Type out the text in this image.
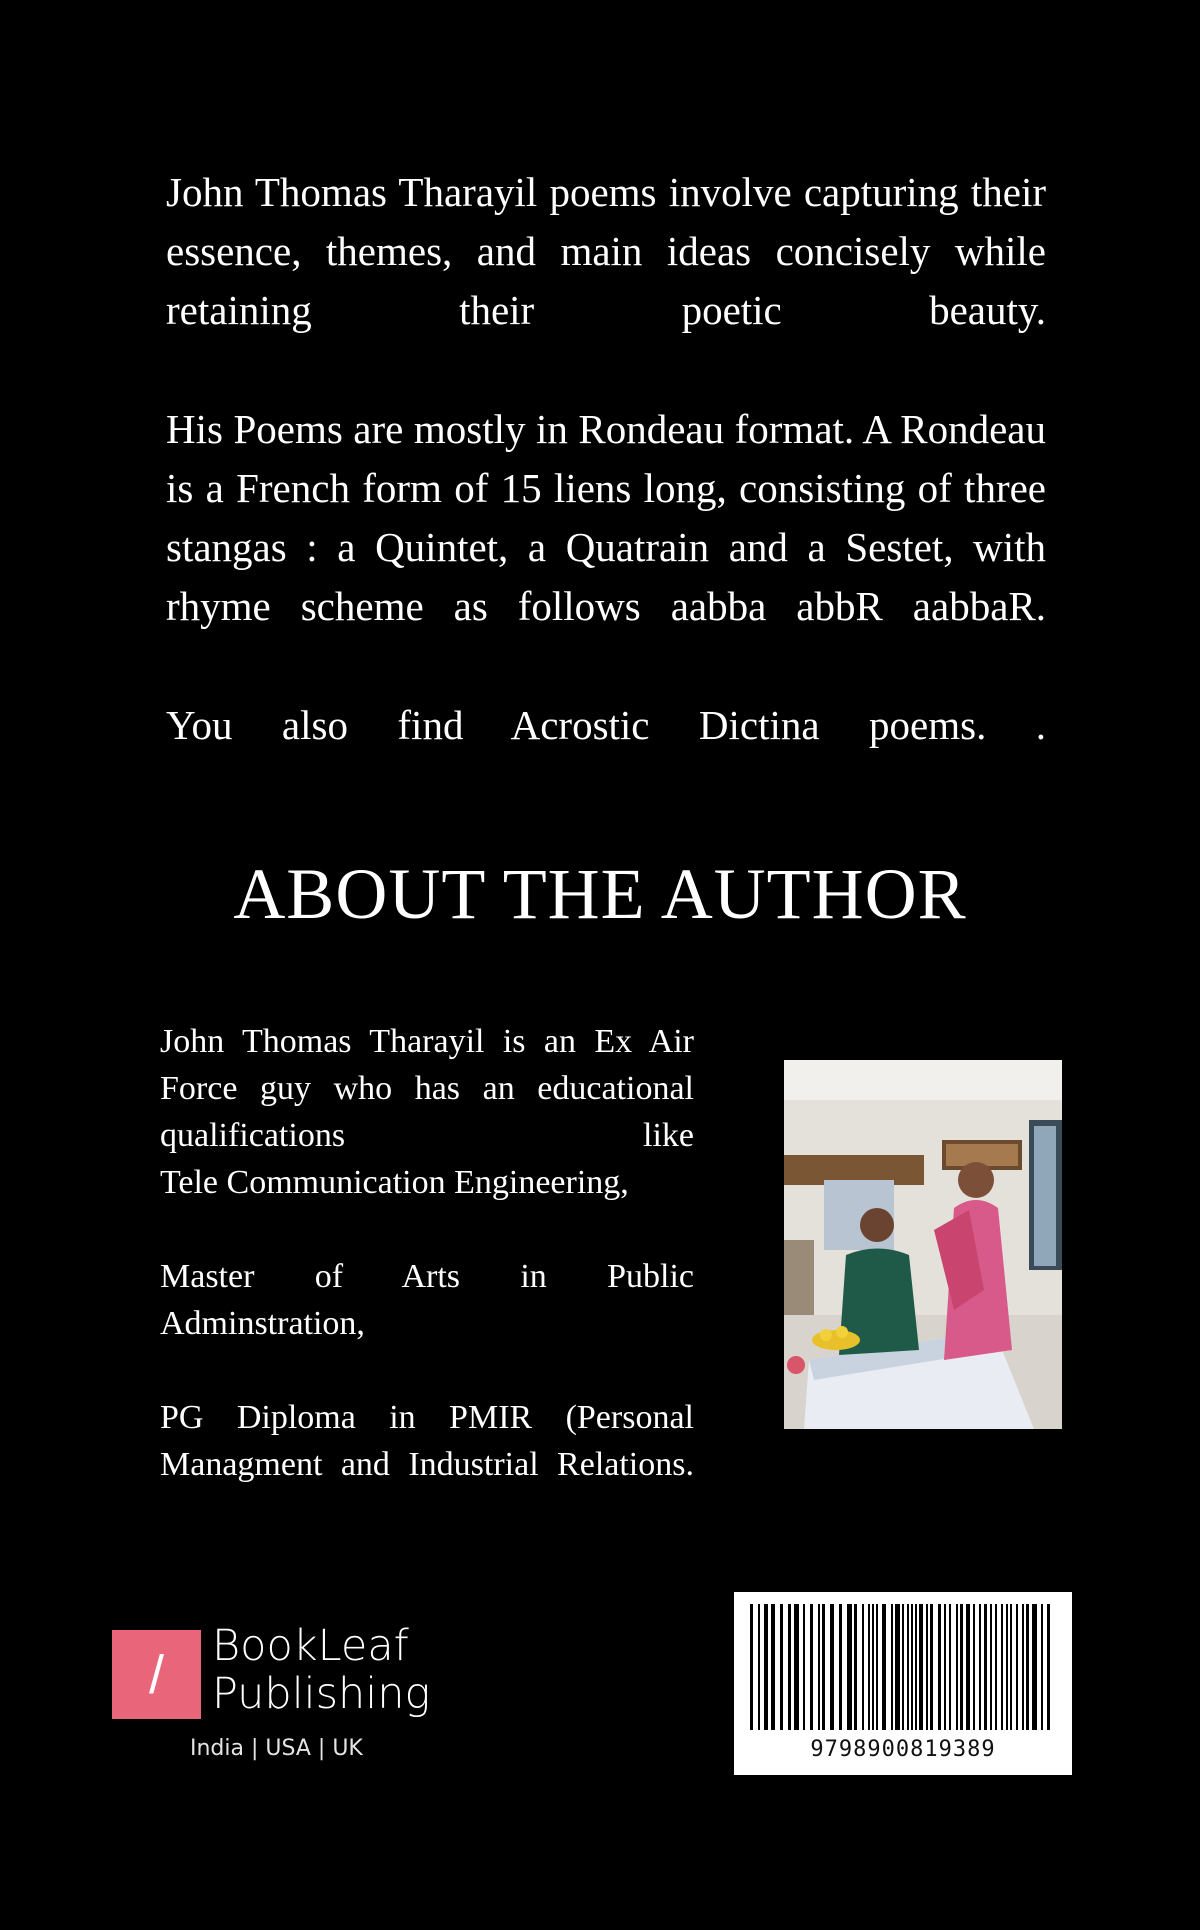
John Thomas Tharayil poems involve capturing their essence, themes, and main ideas concisely while retaining their poetic beauty.

His Poems are mostly in Rondeau format. A Rondeau is a French form of 15 liens long, consisting of three stangas : a Quintet, a Quatrain and a Sestet, with rhyme scheme as follows aabba abbR aabbaR.

You also find Acrostic Dictina poems. .

ABOUT THE AUTHOR

John Thomas Tharayil is an Ex Air Force guy who has an educational qualifications like
Tele Communication Engineering,

Master of Arts in Public Adminstration,

PG Diploma in PMIR (Personal Managment and Industrial Relations.

/	BookLeaf
Publishing
India | USA | UK	9798900819389
